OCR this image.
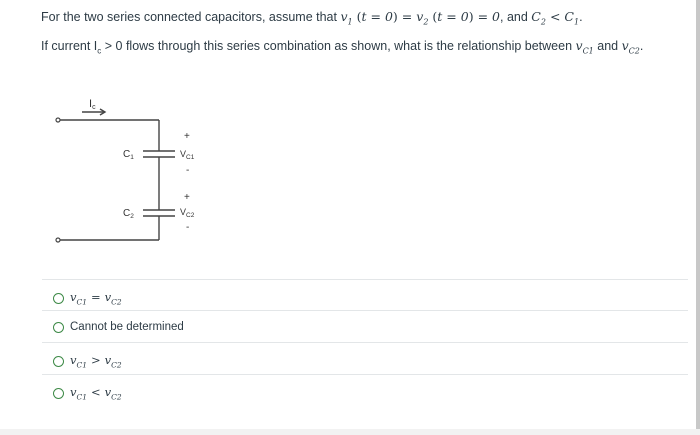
For the two series connected capacitors, assume that $v_1$ $(t = 0) = v_2$ (t = 0) = 0, and $C_2 < C_1$.
If current $I_c > 0$ flows through this series combination as shown, what is the relationship between $v_{C1}$ and $v_{C2}$.
Ic
$C_1$
$C_2$
+
$V_{C1}$
-
+
$V_{C2}$
-
$v_{C1} = v_{C2}$
Cannot be determined
$v_{C1} > v_{C2}$
$v_{C1} < v_{C2}$
